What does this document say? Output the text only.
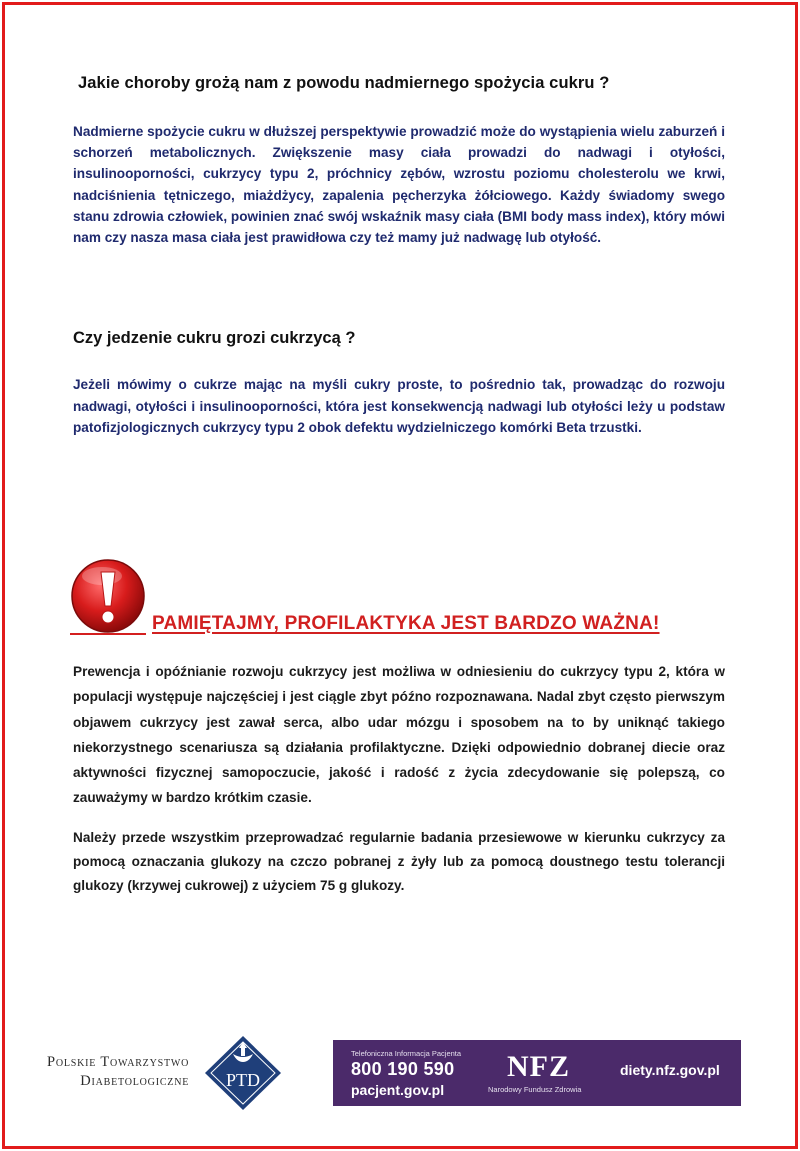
Jakie choroby grożą nam z powodu nadmiernego spożycia cukru ?

Nadmierne spożycie cukru w dłuższej perspektywie prowadzić może do wystąpienia wielu zaburzeń i schorzeń metabolicznych. Zwiększenie masy ciała prowadzi do nadwagi i otyłości, insulinooporności, cukrzycy typu 2, próchnicy zębów, wzrostu poziomu cholesterolu we krwi, nadciśnienia tętniczego, miażdżycy, zapalenia pęcherzyka żółciowego. Każdy świadomy swego stanu zdrowia człowiek, powinien znać swój wskaźnik masy ciała (BMI body mass index), który mówi nam czy nasza masa ciała jest prawidłowa czy też mamy już nadwagę lub otyłość.

Czy jedzenie cukru grozi cukrzycą ?

Jeżeli mówimy o cukrze mając na myśli cukry proste, to pośrednio tak, prowadząc do rozwoju nadwagi, otyłości i insulinooporności, która jest konsekwencją nadwagi lub otyłości leży u podstaw patofizjologicznych cukrzycy typu 2 obok defektu wydzielniczego komórki Beta trzustki.

PAMIĘTAJMY, PROFILAKTYKA JEST BARDZO WAŻNA!

Prewencja i opóźnianie rozwoju cukrzycy jest możliwa w odniesieniu do cukrzycy typu 2, która w populacji występuje najczęściej i jest ciągle zbyt późno rozpoznawana. Nadal zbyt często pierwszym objawem cukrzycy jest zawał serca, albo udar mózgu i sposobem na to by uniknąć takiego niekorzystnego scenariusza są działania profilaktyczne. Dzięki odpowiednio dobranej diecie oraz aktywności fizycznej samopoczucie, jakość i radość z życia zdecydowanie się polepszą, co zauważymy w bardzo krótkim czasie.

Należy przede wszystkim przeprowadzać regularnie badania przesiewowe w kierunku cukrzycy za pomocą oznaczania glukozy na czczo pobranej z żyły lub za pomocą doustnego testu tolerancji glukozy (krzywej cukrowej) z użyciem 75 g glukozy.

Polskie Towarzystwo
Diabetologiczne PTD
Telefoniczna Informacja Pacjenta
800 190 590
pacjent.gov.pl
NFZ
Narodowy Fundusz Zdrowia
diety.nfz.gov.pl
